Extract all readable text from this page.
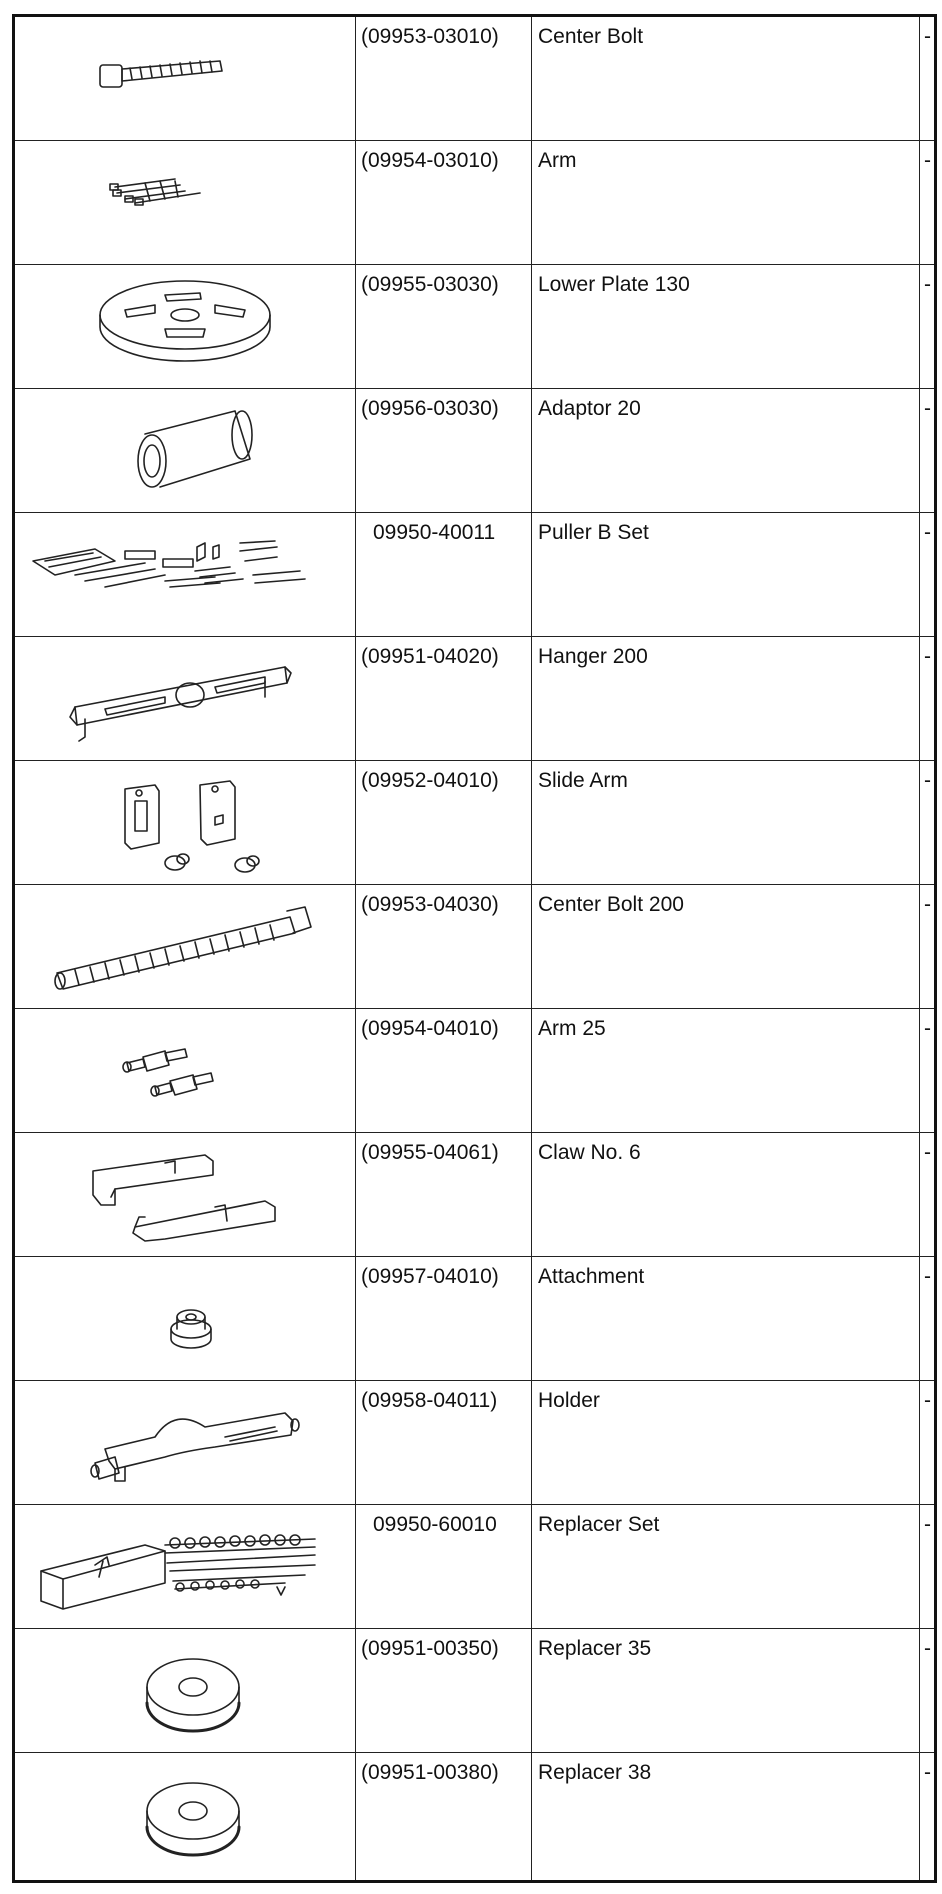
(09953-03010) Center Bolt	-
(09954-03010) Arm	-
(09955-03030) Lower Plate 130	-
(09956-03030) Adaptor 20	-
09950-40011 Puller B Set	-
(09951-04020) Hanger 200	-
(09952-04010) Slide Arm	-
(09953-04030) Center Bolt 200	-
(09954-04010) Arm 25	-
(09955-04061) Claw No. 6	-
(09957-04010) Attachment	-
(09958-04011) Holder	-
09950-60010 Replacer Set	-
(09951-00350) Replacer 35	-
(09951-00380) Replacer 38	-
